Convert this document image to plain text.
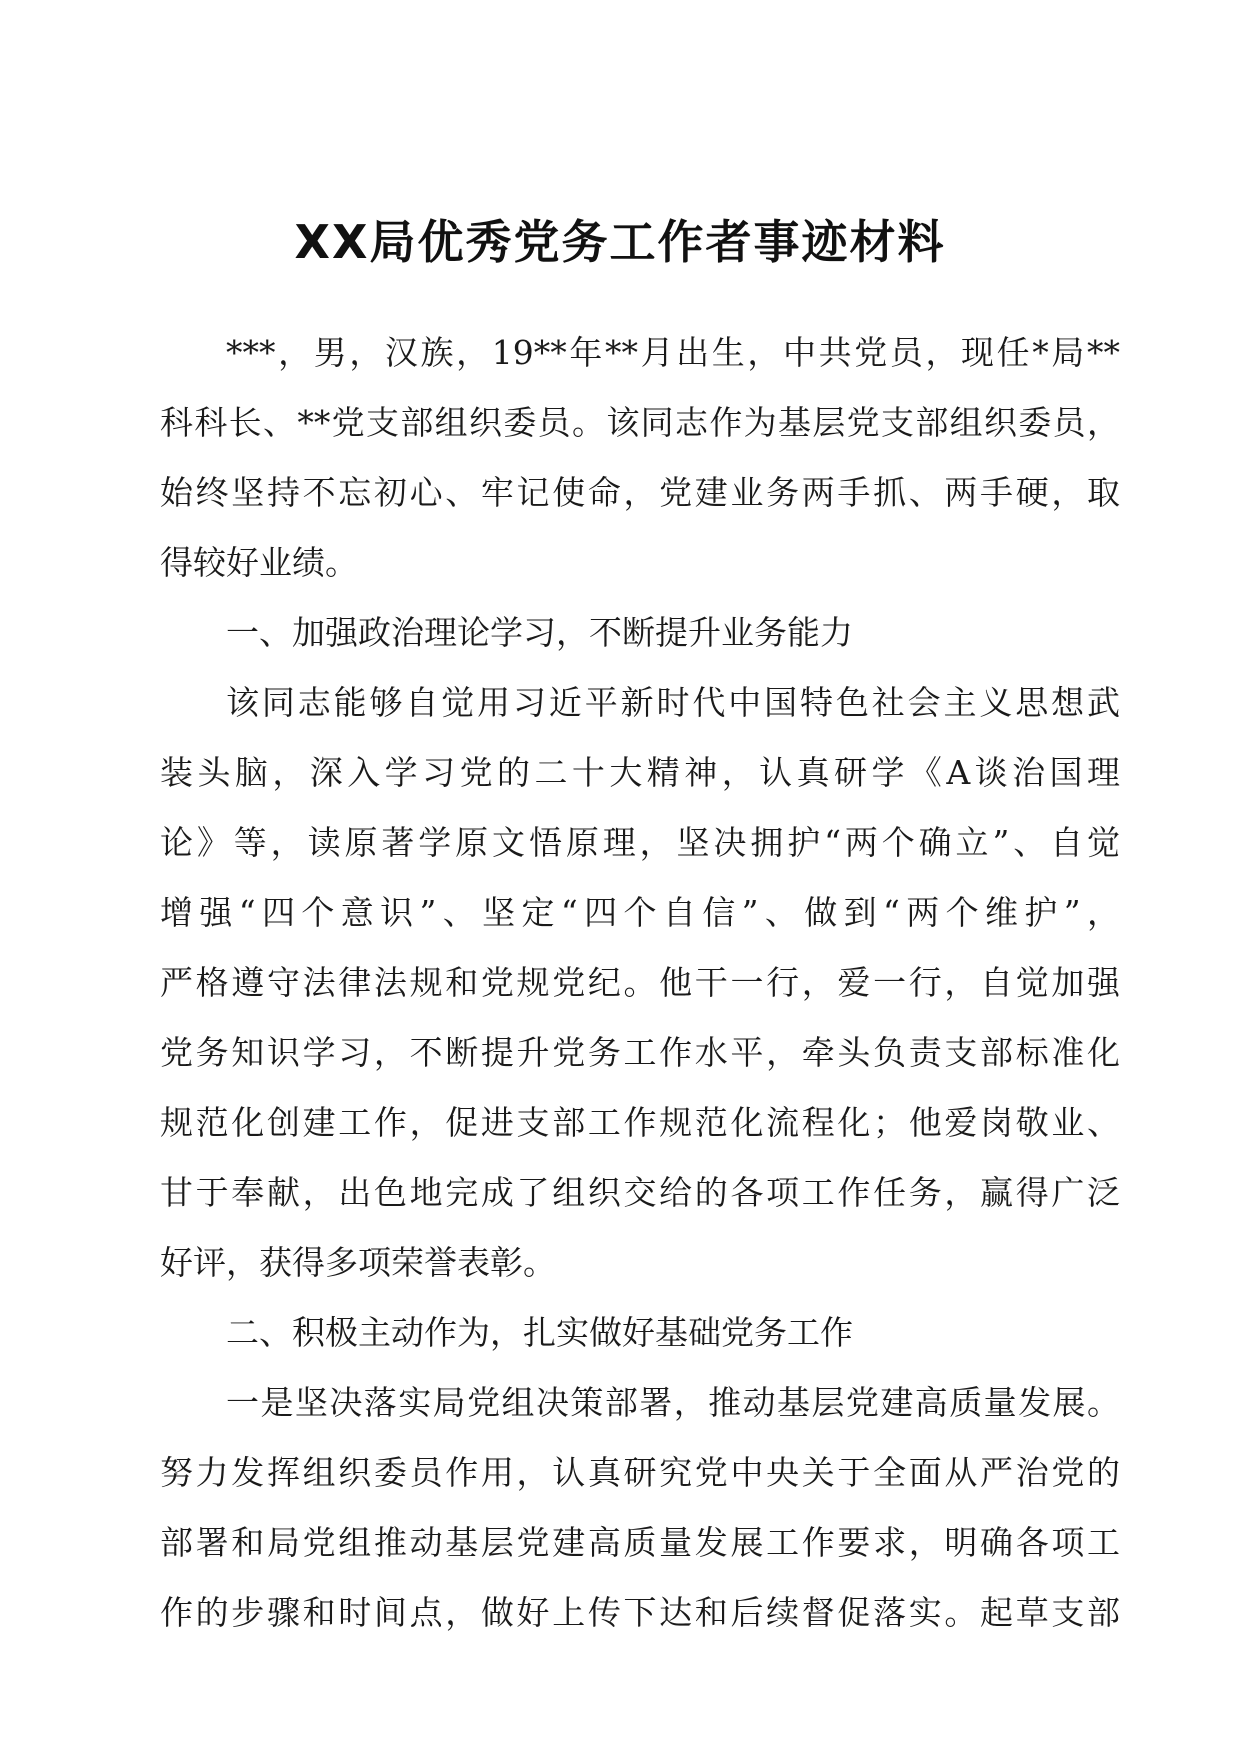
XX局优秀党务工作者事迹材料
***，男，汉族，19**年**月出生，中共党员，现任*局**
科科长、**党支部组织委员。该同志作为基层党支部组织委员，
始终坚持不忘初心、牢记使命，党建业务两手抓、两手硬，取
得较好业绩。
一、加强政治理论学习，不断提升业务能力
该同志能够自觉用习近平新时代中国特色社会主义思想武
装头脑，深入学习党的二十大精神，认真研学《A谈治国理
论》等，读原著学原文悟原理，坚决拥护“两个确立”、自觉
增强“四个意识”、坚定“四个自信”、做到“两个维护”，
严格遵守法律法规和党规党纪。他干一行，爱一行，自觉加强
党务知识学习，不断提升党务工作水平，牵头负责支部标准化
规范化创建工作，促进支部工作规范化流程化；他爱岗敬业、
甘于奉献，出色地完成了组织交给的各项工作任务，赢得广泛
好评，获得多项荣誉表彰。
二、积极主动作为，扎实做好基础党务工作
一是坚决落实局党组决策部署，推动基层党建高质量发展。
努力发挥组织委员作用，认真研究党中央关于全面从严治党的
部署和局党组推动基层党建高质量发展工作要求，明确各项工
作的步骤和时间点，做好上传下达和后续督促落实。起草支部
